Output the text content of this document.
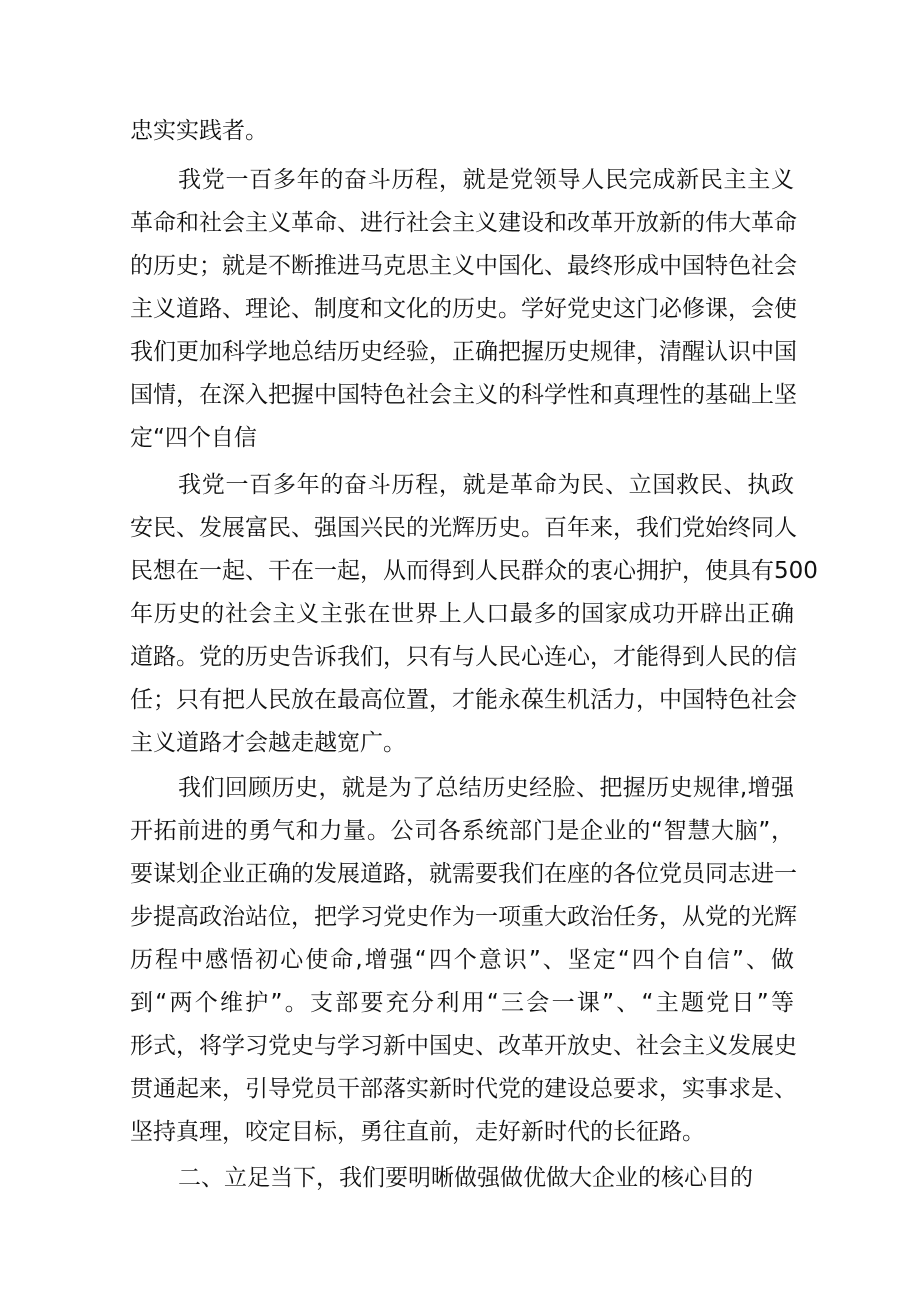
忠实实践者。
我党一百多年的奋斗历程，就是党领导人民完成新民主主义
革命和社会主义革命、进行社会主义建设和改革开放新的伟大革命
的历史；就是不断推进马克思主义中国化、最终形成中国特色社会
主义道路、理论、制度和文化的历史。学好党史这门必修课，会使
我们更加科学地总结历史经验，正确把握历史规律，清醒认识中国
国情，在深入把握中国特色社会主义的科学性和真理性的基础上坚
定“四个自信
我党一百多年的奋斗历程，就是革命为民、立国救民、执政
安民、发展富民、强国兴民的光辉历史。百年来，我们党始终同人
民想在一起、干在一起，从而得到人民群众的衷心拥护，使具有500
年历史的社会主义主张在世界上人口最多的国家成功开辟出正确
道路。党的历史告诉我们，只有与人民心连心，才能得到人民的信
任；只有把人民放在最高位置，才能永葆生机活力，中国特色社会
主义道路才会越走越宽广。
我们回顾历史，就是为了总结历史经脸、把握历史规律,增强
开拓前进的勇气和力量。公司各系统部门是企业的“智慧大脑”，
要谋划企业正确的发展道路，就需要我们在座的各位党员同志进一
步提高政治站位，把学习党史作为一项重大政治任务，从党的光辉
历程中感悟初心使命,增强“四个意识”、坚定“四个自信”、做
到“两个维护”。支部要充分利用“三会一课”、“主题党日”等
形式，将学习党史与学习新中国史、改革开放史、社会主义发展史
贯通起来，引导党员干部落实新时代党的建设总要求，实事求是、
坚持真理，咬定目标，勇往直前，走好新时代的长征路。
二、立足当下，我们要明晰做强做优做大企业的核心目的
